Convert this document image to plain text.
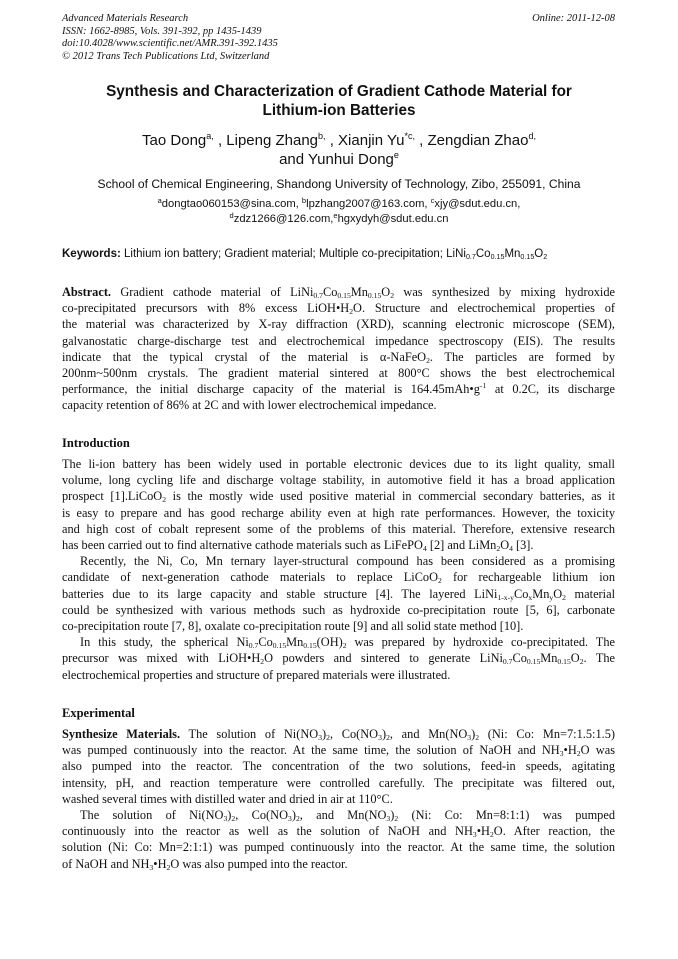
Advanced Materials Research
ISSN: 1662-8985, Vols. 391-392, pp 1435-1439
doi:10.4028/www.scientific.net/AMR.391-392.1435
© 2012 Trans Tech Publications Ltd, Switzerland
Online: 2011-12-08
Synthesis and Characterization of Gradient Cathode Material for
Lithium-ion Batteries
Tao Dong$^{a,}$ , Lipeng Zhang$^{b,}$ , Xianjin $Yu^{*c,}$ , Zengdian Zhao$^{d,}$
and Yunhui Dong$^e$
School of Chemical Engineering, Shandong University of Technology, Zibo, 255091, China
$^a$dongtao060153@sina.com, $^b$lpzhang2007@163.com, $^c$xjy@sdut.edu.cn,
$^d$zdz1266@126.com,$^e$hgxydyh@sdut.edu.cn
Keywords: Lithium ion battery; Gradient material; Multiple co-precipitation; $LiNi_{0.7}Co_{0.15}Mn_{0.15}O_2$
Abstract. Gradient cathode material of $LiNi_{0.7}Co_{0.15}Mn_{0.15}O_2$ was synthesized by mixing hydroxide
co-precipitated precursors with 8% excess $LiOH•H_2O$. Structure and electrochemical properties of
the material was characterized by X-ray diffraction (XRD), scanning electronic microscope (SEM),
galvanostatic charge-discharge test and electrochemical impedance spectroscopy (EIS). The results
indicate that the typical crystal of the material is α-NaFeO$_2$. The particles are formed by
200nm~500nm crystals. The gradient material sintered at 800°C shows the best electrochemical
performance, the initial discharge capacity of the material is $164.45mAh•g^{-1}$ at 0.2C, its discharge
capacity retention of 86% at 2C and with lower electrochemical impedance.
Introduction
The li-ion battery has been widely used in portable electronic devices due to its light quality, small
volume, long cycling life and discharge voltage stability, in automotive field it has a broad application
prospect [1].LiCoO$_2$ is the mostly wide used positive material in commercial secondary batteries, as it
is easy to prepare and has good recharge ability even at high rate performances. However, the toxicity
and high cost of cobalt represent some of the problems of this material. Therefore, extensive research
has been carried out to find alternative cathode materials such as LiFePO$_4$ [2] and $LiMn_2O_4$ [3].
Recently, the Ni, Co, Mn ternary layer-structural compound has been considered as a promising
candidate of next-generation cathode materials to replace LiCoO$_2$ for rechargeable lithium ion
batteries due to its large capacity and stable structure [4]. The layered $LiNi_{1-x-y}Co_xMn_yO_2$ material
could be synthesized with various methods such as hydroxide co-precipitation route [5, 6], carbonate
co-precipitation route [7, 8], oxalate co-precipitation route [9] and all solid state method [10].
In this study, the spherical $Ni_{0.7}Co_{0.15}Mn_{0.15}(OH)_2$ was prepared by hydroxide co-precipitated. The
precursor was mixed with $LiOH•H_2O$ powders and sintered to generate $LiNi_{0.7}Co_{0.15}Mn_{0.15}O_2$. The
electrochemical properties and structure of prepared materials were illustrated.
Experimental
Synthesize Materials. The solution of $Ni(NO_3)_2$, $Co(NO_3)_2$, and $Mn(NO_3)_2$ (Ni: Co: Mn=7:1.5:1.5)
was pumped continuously into the reactor. At the same time, the solution of NaOH and $NH_3•H_2O$ was
also pumped into the reactor. The concentration of the two solutions, feed-in speeds, agitating
intensity, pH, and reaction temperature were controlled carefully. The precipitate was filtered out,
washed several times with distilled water and dried in air at 110°C.
The solution of $Ni(NO_3)_2$, $Co(NO_3)_2$, and $Mn(NO_3)_2$ (Ni: Co: Mn=8:1:1) was pumped
continuously into the reactor as well as the solution of NaOH and $NH_3•H_2O$. After reaction, the
solution (Ni: Co: Mn=2:1:1) was pumped continuously into the reactor. At the same time, the solution
of NaOH and $NH_3•H_2O$ was also pumped into the reactor.
